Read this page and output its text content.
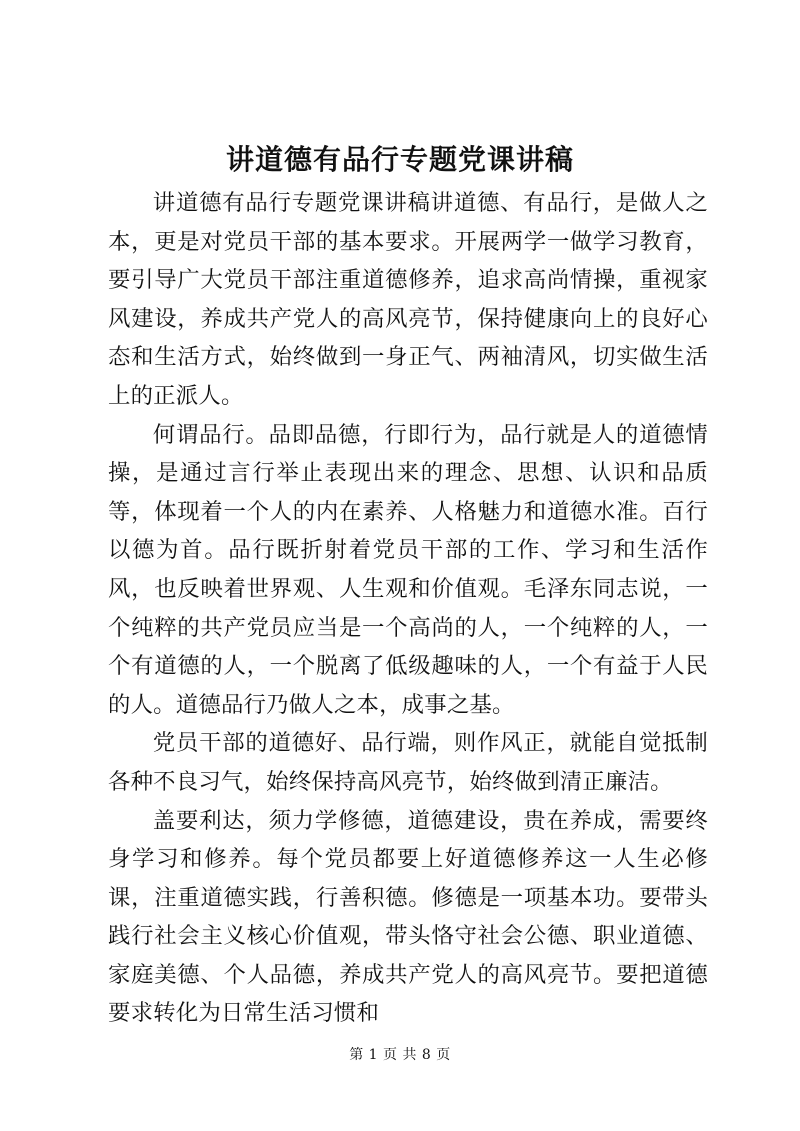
讲道德有品行专题党课讲稿

讲道德有品行专题党课讲稿讲道德、有品行，是做人之本，更是对党员干部的基本要求。开展两学一做学习教育，要引导广大党员干部注重道德修养，追求高尚情操，重视家风建设，养成共产党人的高风亮节，保持健康向上的良好心态和生活方式，始终做到一身正气、两袖清风，切实做生活上的正派人。

何谓品行。品即品德，行即行为，品行就是人的道德情操，是通过言行举止表现出来的理念、思想、认识和品质等，体现着一个人的内在素养、人格魅力和道德水准。百行以德为首。品行既折射着党员干部的工作、学习和生活作风，也反映着世界观、人生观和价值观。毛泽东同志说，一个纯粹的共产党员应当是一个高尚的人，一个纯粹的人，一个有道德的人，一个脱离了低级趣味的人，一个有益于人民的人。道德品行乃做人之本，成事之基。

党员干部的道德好、品行端，则作风正，就能自觉抵制各种不良习气，始终保持高风亮节，始终做到清正廉洁。

盖要利达，须力学修德，道德建设，贵在养成，需要终身学习和修养。每个党员都要上好道德修养这一人生必修课，注重道德实践，行善积德。修德是一项基本功。要带头践行社会主义核心价值观，带头恪守社会公德、职业道德、家庭美德、个人品德，养成共产党人的高风亮节。要把道德要求转化为日常生活习惯和

第 1 页 共 8 页
